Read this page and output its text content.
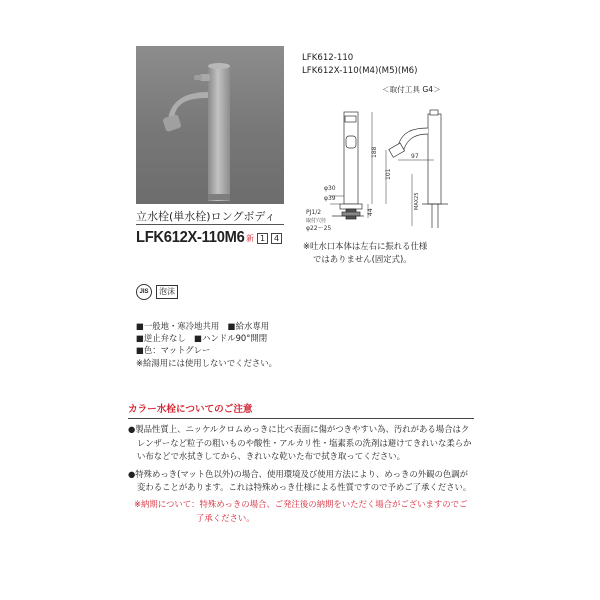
立水栓(単水栓)ロングボディ
LFK612X-110M6 新 1	4
JIS	泡沫
■一般地・寒冷地共用　■給水専用
■逆止弁なし　■ハンドル90°開閉
■色：マットグレー
※給湯用には使用しないでください。
LFK612-110
LFK612X-110(M4)(M5)(M6)
＜取付工具 G4＞
188
101
97
44
MAX25
φ30
φ39
PJ1/2
取付穴径
φ22～25
※吐水口本体は左右に振れる仕様
ではありません(固定式)。
カラー水栓についてのご注意
●製品性質上、ニッケルクロムめっきに比べ表面に傷がつきやすい為、汚れがある場合はクレンザーなど粒子の粗いものや酸性・アルカリ性・塩素系の洗剤は避けてきれいな柔らかい布などで水拭きしてから、きれいな乾いた布で拭き取ってください。
●特殊めっき(マット色以外)の場合、使用環境及び使用方法により、めっきの外観の色調が変わることがあります。これは特殊めっき仕様による性質ですので予めご了承ください。
※納期について：特殊めっきの場合、ご発注後の納期をいただく場合がございますのでご了承ください。
